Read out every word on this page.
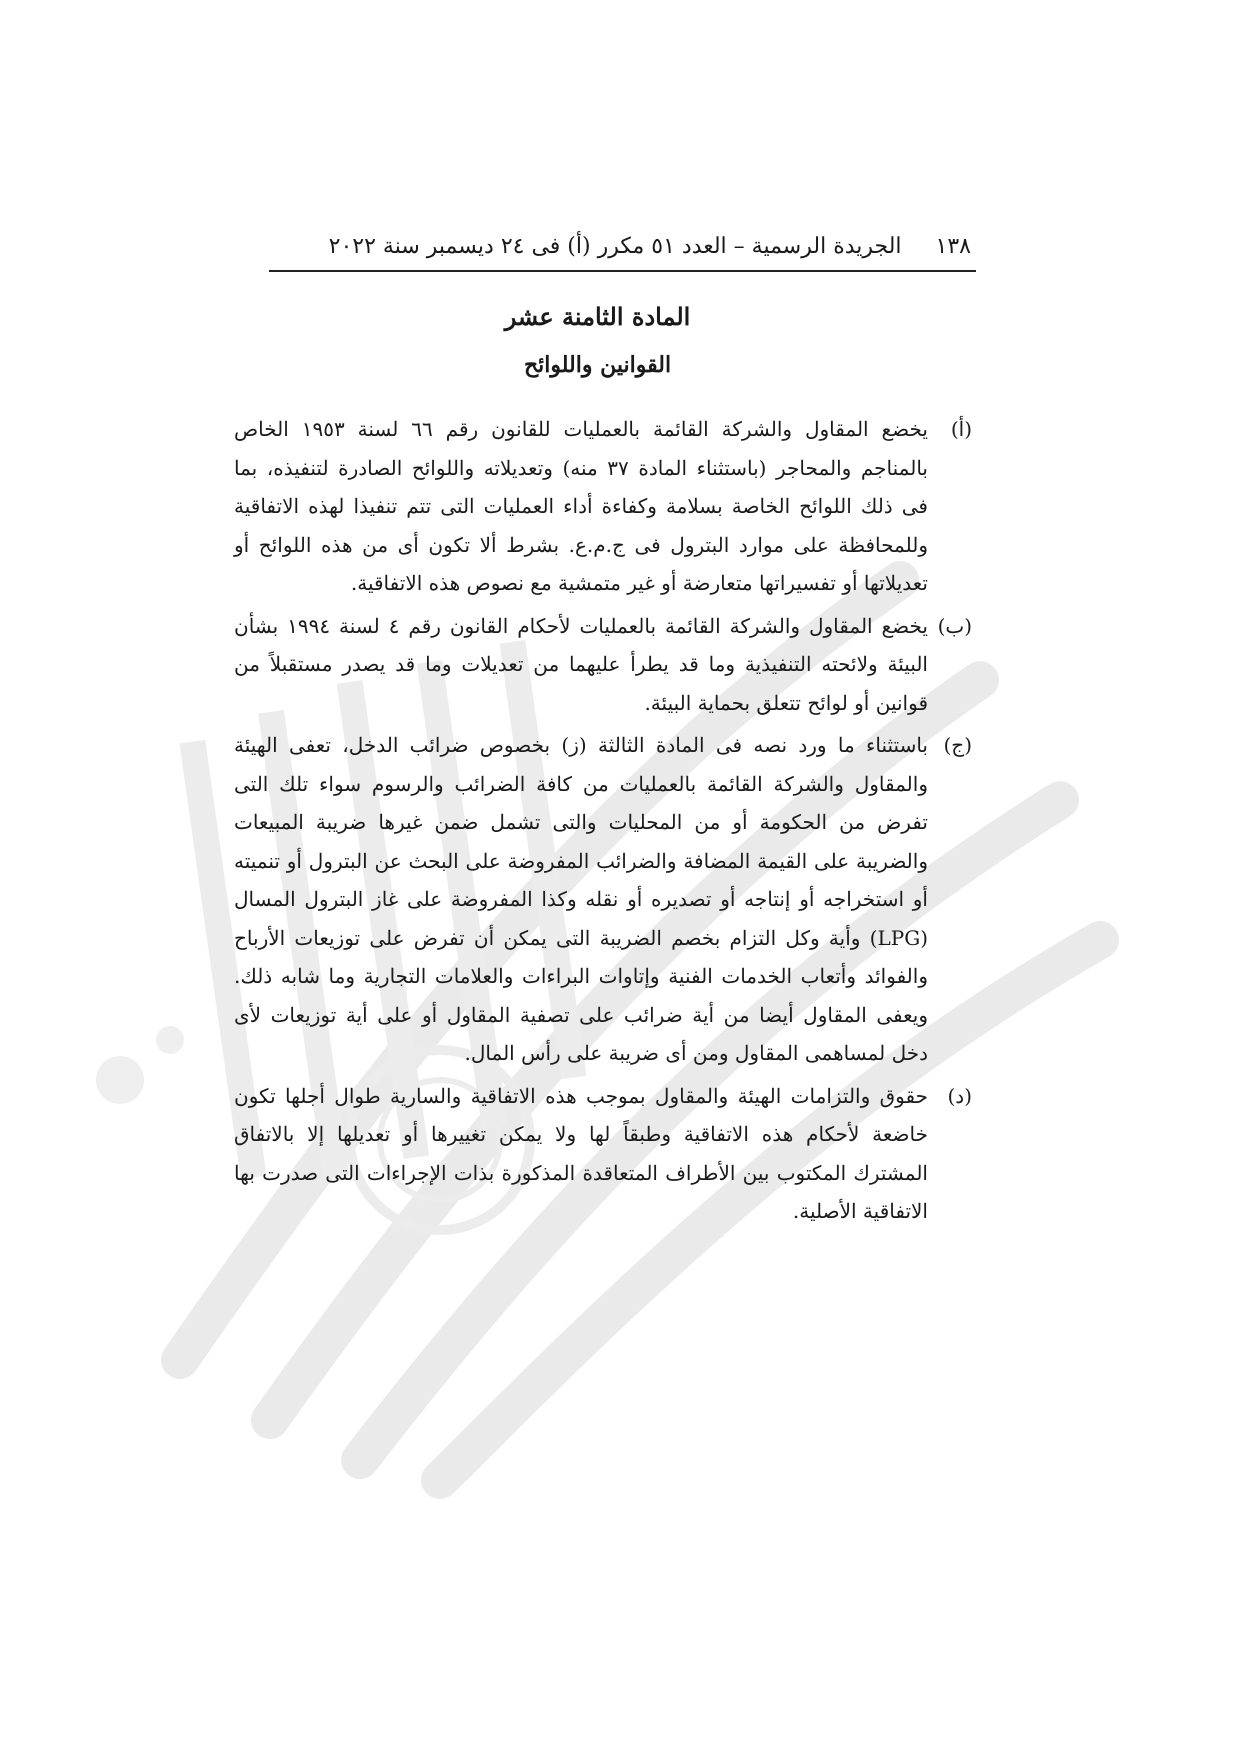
١٣٨
الجريدة الرسمية – العدد ٥١ مكرر (أ) فى ٢٤ ديسمبر سنة ٢٠٢٢
المادة الثامنة عشر
القوانين واللوائح
(أ)
يخضع المقاول والشركة القائمة بالعمليات للقانون رقم ٦٦ لسنة ١٩٥٣ الخاص بالمناجم والمحاجر (باستثناء المادة ٣٧ منه) وتعديلاته واللوائح الصادرة لتنفيذه، بما فى ذلك اللوائح الخاصة بسلامة وكفاءة أداء العمليات التى تتم تنفيذا لهذه الاتفاقية وللمحافظة على موارد البترول فى ج.م.ع. بشرط ألا تكون أى من هذه اللوائح أو تعديلاتها أو تفسيراتها متعارضة أو غير متمشية مع نصوص هذه الاتفاقية.
(ب)
يخضع المقاول والشركة القائمة بالعمليات لأحكام القانون رقم ٤ لسنة ١٩٩٤ بشأن البيئة ولائحته التنفيذية وما قد يطرأ عليهما من تعديلات وما قد يصدر مستقبلاً من قوانين أو لوائح تتعلق بحماية البيئة.
(ج)
باستثناء ما ورد نصه فى المادة الثالثة (ز) بخصوص ضرائب الدخل، تعفى الهيئة والمقاول والشركة القائمة بالعمليات من كافة الضرائب والرسوم سواء تلك التى تفرض من الحكومة أو من المحليات والتى تشمل ضمن غيرها ضريبة المبيعات والضريبة على القيمة المضافة والضرائب المفروضة على البحث عن البترول أو تنميته أو استخراجه أو إنتاجه أو تصديره أو نقله وكذا المفروضة على غاز البترول المسال (LPG) وأية وكل التزام بخصم الضريبة التى يمكن أن تفرض على توزيعات الأرباح والفوائد وأتعاب الخدمات الفنية وإتاوات البراءات والعلامات التجارية وما شابه ذلك. ويعفى المقاول أيضا من أية ضرائب على تصفية المقاول أو على أية توزيعات لأى دخل لمساهمى المقاول ومن أى ضريبة على رأس المال.
(د)
حقوق والتزامات الهيئة والمقاول بموجب هذه الاتفاقية والسارية طوال أجلها تكون خاضعة لأحكام هذه الاتفاقية وطبقاً لها ولا يمكن تغييرها أو تعديلها إلا بالاتفاق المشترك المكتوب بين الأطراف المتعاقدة المذكورة بذات الإجراءات التى صدرت بها الاتفاقية الأصلية.
